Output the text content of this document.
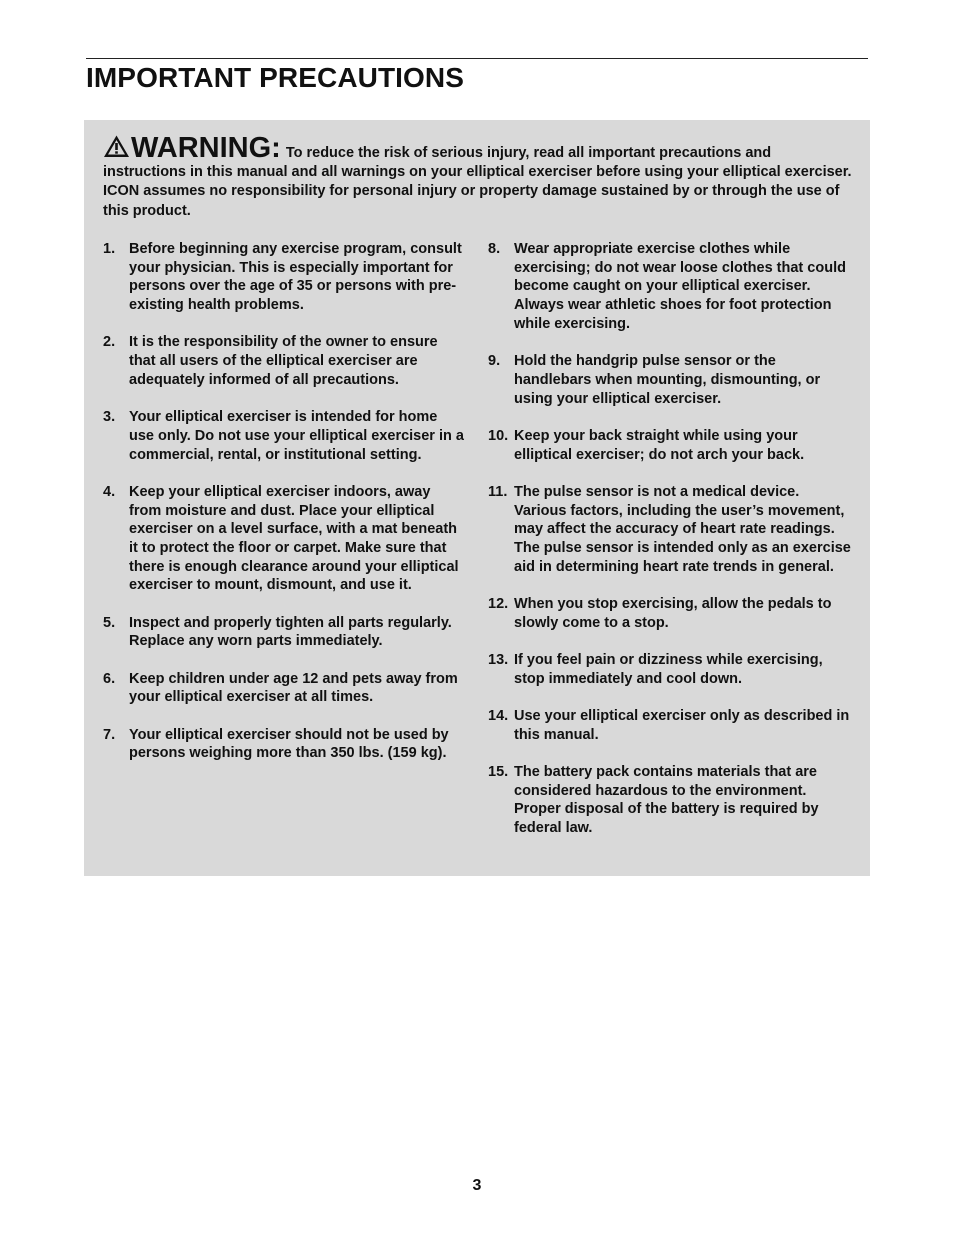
IMPORTANT PRECAUTIONS
WARNING: To reduce the risk of serious injury, read all important precautions and instructions in this manual and all warnings on your elliptical exerciser before using your elliptical exerciser. ICON assumes no responsibility for personal injury or property damage sustained by or through the use of this product.
1. Before beginning any exercise program, consult your physician. This is especially important for persons over the age of 35 or persons with pre-existing health problems.
2. It is the responsibility of the owner to ensure that all users of the elliptical exerciser are adequately informed of all precautions.
3. Your elliptical exerciser is intended for home use only. Do not use your elliptical exerciser in a commercial, rental, or institutional setting.
4. Keep your elliptical exerciser indoors, away from moisture and dust. Place your elliptical exerciser on a level surface, with a mat beneath it to protect the floor or carpet. Make sure that there is enough clearance around your elliptical exerciser to mount, dismount, and use it.
5. Inspect and properly tighten all parts regularly. Replace any worn parts immediately.
6. Keep children under age 12 and pets away from your elliptical exerciser at all times.
7. Your elliptical exerciser should not be used by persons weighing more than 350 lbs. (159 kg).
8. Wear appropriate exercise clothes while exercising; do not wear loose clothes that could become caught on your elliptical exerciser. Always wear athletic shoes for foot protection while exercising.
9. Hold the handgrip pulse sensor or the handlebars when mounting, dismounting, or using your elliptical exerciser.
10. Keep your back straight while using your elliptical exerciser; do not arch your back.
11. The pulse sensor is not a medical device. Various factors, including the user’s movement, may affect the accuracy of heart rate readings. The pulse sensor is intended only as an exercise aid in determining heart rate trends in general.
12. When you stop exercising, allow the pedals to slowly come to a stop.
13. If you feel pain or dizziness while exercising, stop immediately and cool down.
14. Use your elliptical exerciser only as described in this manual.
15. The battery pack contains materials that are considered hazardous to the environment. Proper disposal of the battery is required by federal law.
3
